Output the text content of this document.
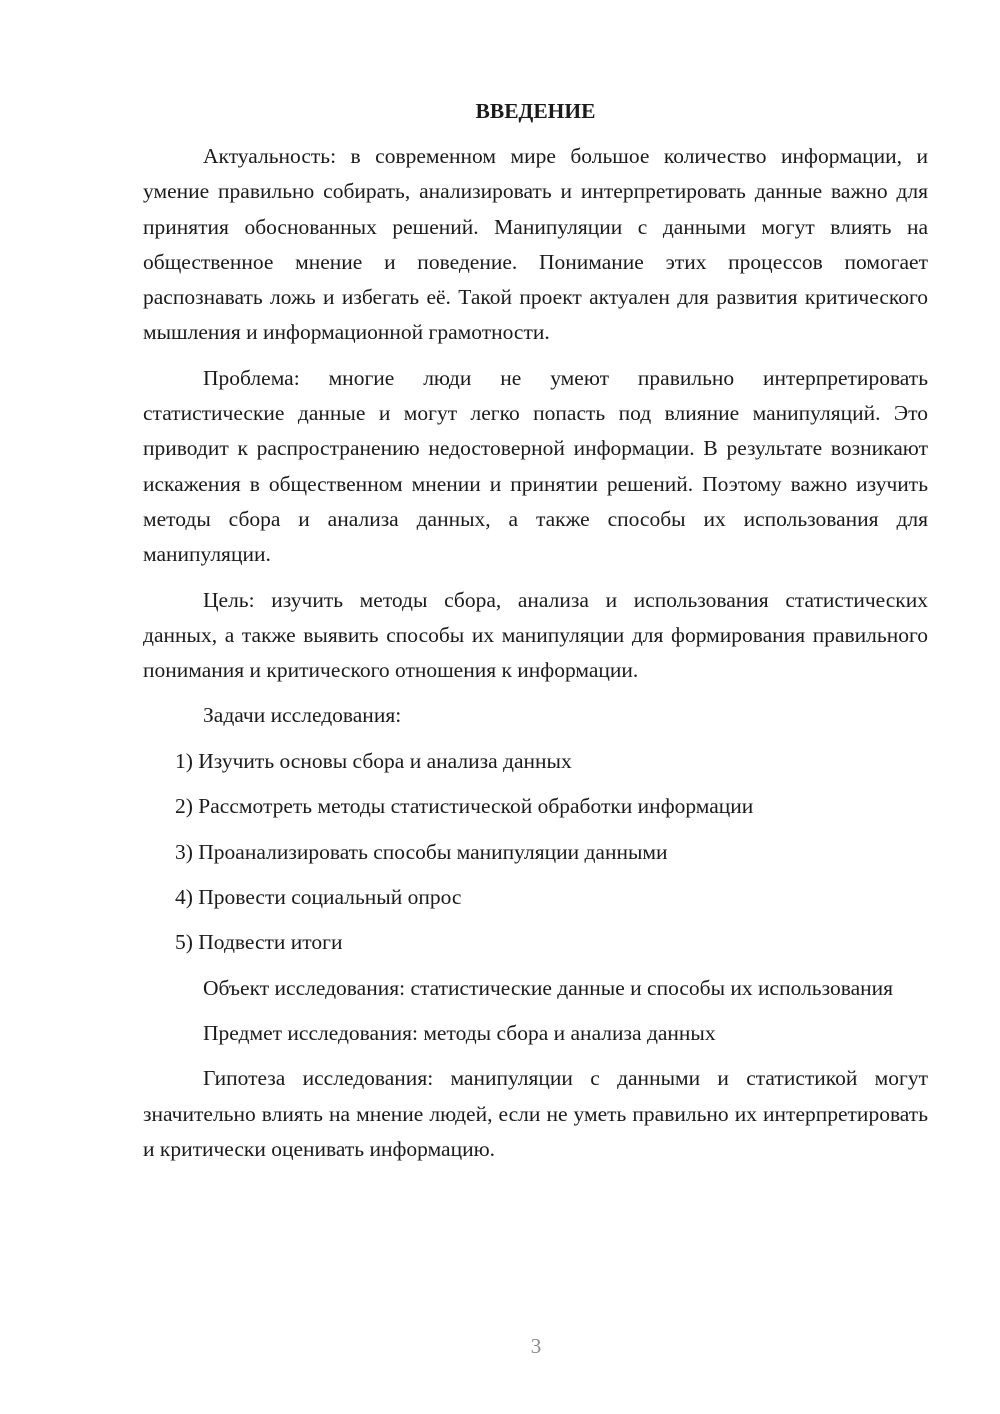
ВВЕДЕНИЕ

Актуальность: в современном мире большое количество информации, и умение правильно собирать, анализировать и интерпретировать данные важно для принятия обоснованных решений. Манипуляции с данными могут влиять на общественное мнение и поведение. Понимание этих процессов помогает распознавать ложь и избегать её. Такой проект актуален для развития критического мышления и информационной грамотности.

Проблема: многие люди не умеют правильно интерпретировать статистические данные и могут легко попасть под влияние манипуляций. Это приводит к распространению недостоверной информации. В результате возникают искажения в общественном мнении и принятии решений. Поэтому важно изучить методы сбора и анализа данных, а также способы их использования для манипуляции.

Цель: изучить методы сбора, анализа и использования статистических данных, а также выявить способы их манипуляции для формирования правильного понимания и критического отношения к информации.

Задачи исследования:

1) Изучить основы сбора и анализа данных

2) Рассмотреть методы статистической обработки информации

3) Проанализировать способы манипуляции данными

4) Провести социальный опрос

5) Подвести итоги

Объект исследования: статистические данные и способы их использования

Предмет исследования: методы сбора и анализа данных

Гипотеза исследования: манипуляции с данными и статистикой могут значительно влиять на мнение людей, если не уметь правильно их интерпретировать и критически оценивать информацию.

3
